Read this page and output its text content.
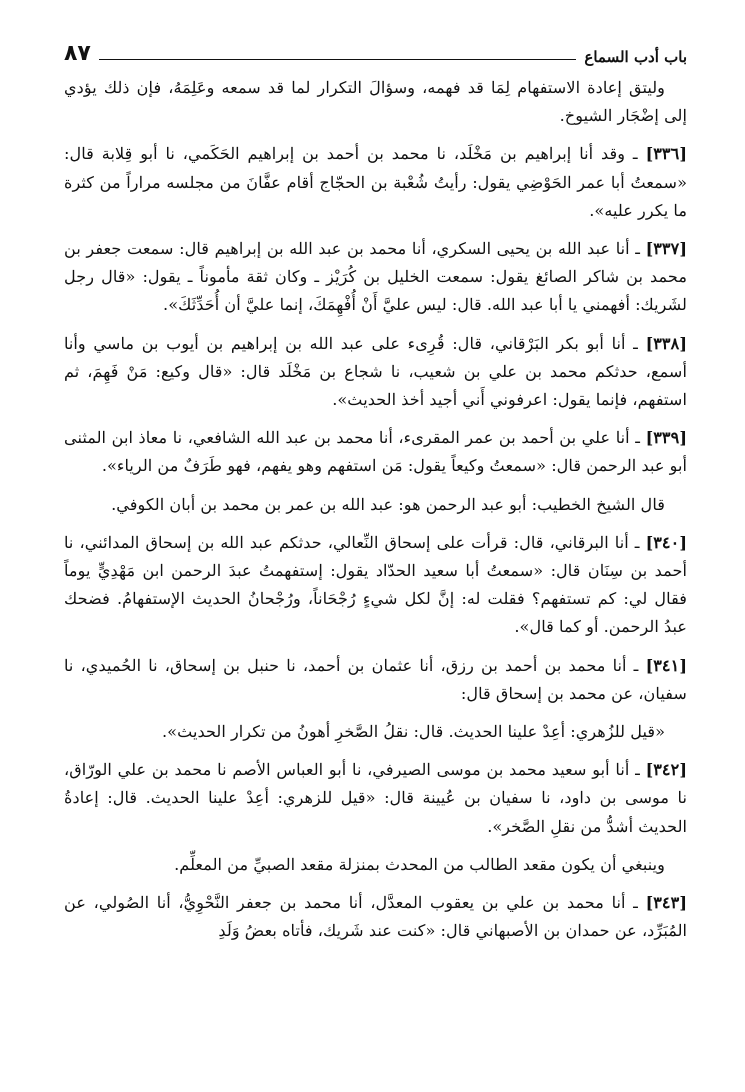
باب أدب السماع
٨٧

وليتق إعادة الاستفهام لِمَا قد فهمه، وسؤالَ التكرار لما قد سمعه وعَلِمَهُ، فإن ذلك يؤدي إلى إضْجَار الشيوخ.

[٣٣٦] ـ وقد أنا إبراهيم بن مَخْلَد، نا محمد بن أحمد بن إبراهيم الحَكَمي، نا أبو قِلابة قال: «سمعتُ أبا عمر الحَوْضِي يقول: رأيتُ شُعْبة بن الحجّاج أقام عفَّانَ من مجلسه مراراً من كثرة ما يكرر عليه».

[٣٣٧] ـ أنا عبد الله بن يحيى السكري، أنا محمد بن عبد الله بن إبراهيم قال: سمعت جعفر بن محمد بن شاكر الصائغ يقول: سمعت الخليل بن كُرَيْز ـ وكان ثقة مأموناً ـ يقول: «قال رجل لشَريك: أفهمني يا أبا عبد الله. قال: ليس عليَّ أَنْ أُفْهِمَكَ، إنما عليَّ أن أُحَدِّثَكَ».

[٣٣٨] ـ أنا أبو بكر البَرْقاني، قال: قُرِىء على عبد الله بن إبراهيم بن أيوب بن ماسي وأنا أسمع، حدثكم محمد بن علي بن شعيب، نا شجاع بن مَخْلَد قال: «قال وكيع: مَنْ فَهِمَ، ثم استفهم، فإنما يقول: اعرفوني أَني أجيد أخذ الحديث».

[٣٣٩] ـ أنا علي بن أحمد بن عمر المقرىء، أنا محمد بن عبد الله الشافعي، نا معاذ ابن المثنى أبو عبد الرحمن قال: «سمعتُ وكيعاً يقول: مَن استفهم وهو يفهم، فهو طَرَفٌ من الرياء».

قال الشيخ الخطيب: أبو عبد الرحمن هو: عبد الله بن عمر بن محمد بن أبان الكوفي.

[٣٤٠] ـ أنا البرقاني، قال: قرأت على إسحاق النِّعالي، حدثكم عبد الله بن إسحاق المدائني، نا أحمد بن سِنَان قال: «سمعتُ أبا سعيد الحدّاد يقول: إستفهمتُ عبدَ الرحمن ابن مَهْدِيٍّ يوماً فقال لي: كم تستفهم؟ فقلت له: إنَّ لكل شيءٍ رُجْحَاناً، ورُجْحانُ الحديث الإستفهامُ. فضحك عبدُ الرحمن. أو كما قال».

[٣٤١] ـ أنا محمد بن أحمد بن رزق، أنا عثمان بن أحمد، نا حنبل بن إسحاق، نا الحُميدي، نا سفيان، عن محمد بن إسحاق قال:

«قيل للزُهري: أعِدْ علينا الحديث. قال: نقلُ الصَّخرِ أهونُ من تكرار الحديث».

[٣٤٢] ـ أنا أبو سعيد محمد بن موسى الصيرفي، نا أبو العباس الأصم نا محمد بن علي الورّاق، نا موسى بن داود، نا سفيان بن عُيينة قال: «قيل للزهري: أعِدْ علينا الحديث. قال: إعادةُ الحديث أشدُّ من نقلِ الصَّخر».

وينبغي أن يكون مقعد الطالب من المحدث بمنزلة مقعد الصبيِّ من المعلِّم.

[٣٤٣] ـ أنا محمد بن علي بن يعقوب المعدَّل، أنا محمد بن جعفر النَّحْوِيُّ، أنا الصُولي، عن المُبَرِّد، عن حمدان بن الأصبهاني قال: «كنت عند شَريك، فأتاه بعضُ وَلَدِ
